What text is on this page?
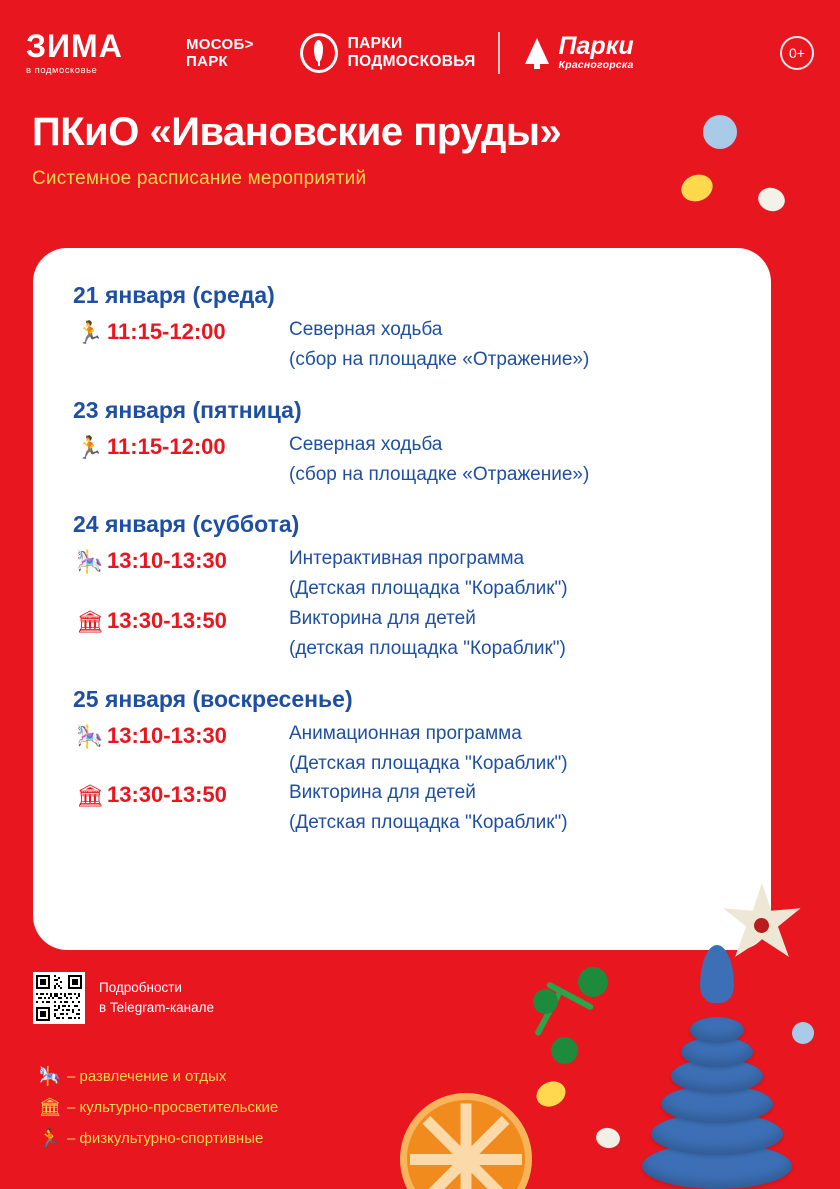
ЗИМА
в подмосковье
МОСОБ>
ПАРК
ПАРКИ
ПОДМОСКОВЬЯ
Парки
Красногорска
0+
ПКиО «Ивановские пруды»
Системное расписание мероприятий
21 января (среда)
🏃 11:15-12:00	Северная ходьба
(сбор на площадке «Отражение»)
23 января (пятница)
🏃 11:15-12:00	Северная ходьба
(сбор на площадке «Отражение»)
24 января (суббота)
🎠 13:10-13:30	Интерактивная программа
(Детская площадка "Кораблик")
🏛 13:30-13:50	Викторина для детей
(детская площадка "Кораблик")
25 января (воскресенье)
🎠 13:10-13:30	Анимационная программа
(Детская площадка "Кораблик")
🏛 13:30-13:50	Викторина для детей
(Детская площадка "Кораблик")
Подробности
в Telegram-канале
🎠 – развлечение и отдых
🏛 – культурно-просветительские
🏃 – физкультурно-спортивные
